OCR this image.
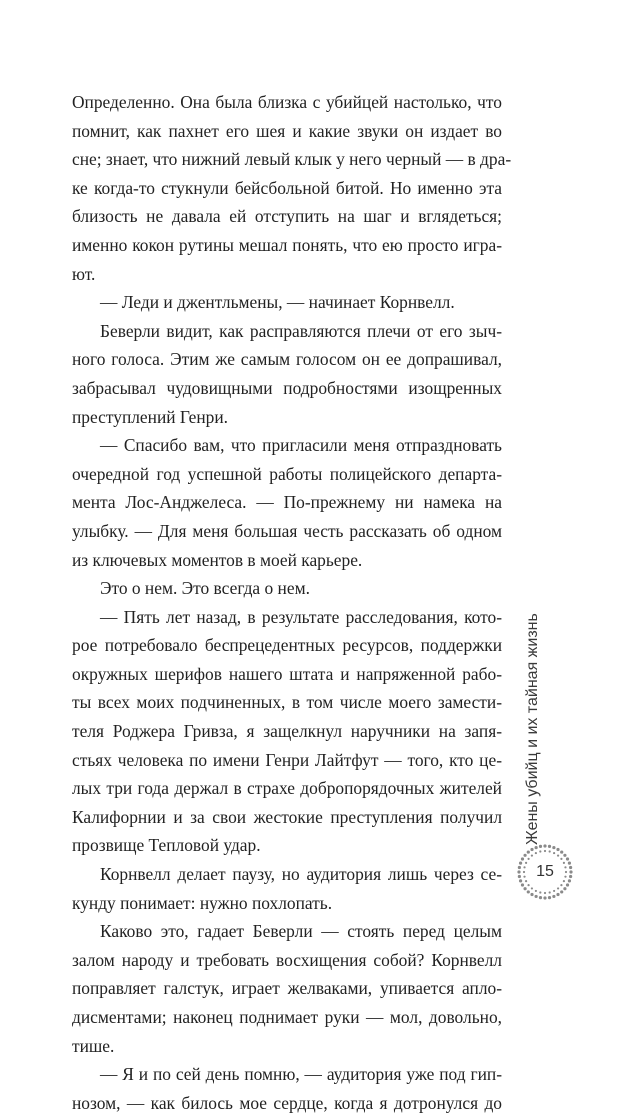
Определенно. Она была близка с убийцей настолько, что
помнит, как пахнет его шея и какие звуки он издает во
сне; знает, что нижний левый клык у него черный — в дра-
ке когда-то стукнули бейсбольной битой. Но именно эта
близость не давала ей отступить на шаг и вглядеться;
именно кокон рутины мешал понять, что ею просто игра-
ют.
— Леди и джентльмены, — начинает Корнвелл.
Беверли видит, как расправляются плечи от его зыч-
ного голоса. Этим же самым голосом он ее допрашивал,
забрасывал чудовищными подробностями изощренных
преступлений Генри.
— Спасибо вам, что пригласили меня отпраздновать
очередной год успешной работы полицейского департа-
мента Лос-Анджелеса. — По-прежнему ни намека на
улыбку. — Для меня большая честь рассказать об одном
из ключевых моментов в моей карьере.
Это о нем. Это всегда о нем.
— Пять лет назад, в результате расследования, кото-
рое потребовало беспрецедентных ресурсов, поддержки
окружных шерифов нашего штата и напряженной рабо-
ты всех моих подчиненных, в том числе моего замести-
теля Роджера Гривза, я защелкнул наручники на запя-
стьях человека по имени Генри Лайтфут — того, кто це-
лых три года держал в страхе добропорядочных жителей
Калифорнии и за свои жестокие преступления получил
прозвище Тепловой удар.
Корнвелл делает паузу, но аудитория лишь через се-
кунду понимает: нужно похлопать.
Каково это, гадает Беверли — стоять перед целым
залом народу и требовать восхищения собой? Корнвелл
поправляет галстук, играет желваками, упивается апло-
дисментами; наконец поднимает руки — мол, довольно,
тише.
— Я и по сей день помню, — аудитория уже под гип-
нозом, — как билось мое сердце, когда я дотронулся до
Жены убийц и их тайная жизнь
15
